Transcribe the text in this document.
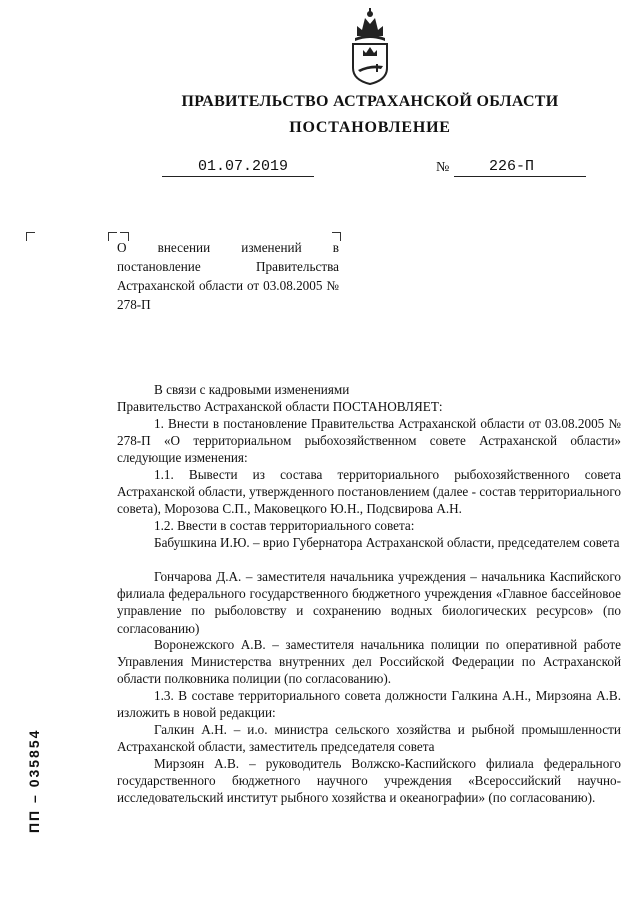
ПРАВИТЕЛЬСТВО АСТРАХАНСКОЙ ОБЛАСТИ
ПОСТАНОВЛЕНИЕ
01.07.2019	№	226-П
О внесении изменений в постановление Правительства Астраханской области от 03.08.2005 № 278-П
В связи с кадровыми изменениями
Правительство Астраханской области ПОСТАНОВЛЯЕТ:
1. Внести в постановление Правительства Астраханской области от 03.08.2005 № 278-П «О территориальном рыбохозяйственном совете Астраханской области» следующие изменения:
1.1. Вывести из состава территориального рыбохозяйственного совета Астраханской области, утвержденного постановлением (далее - состав территориального совета), Морозова С.П., Маковецкого Ю.Н., Подсвирова А.Н.
1.2. Ввести в состав территориального совета:
Бабушкина И.Ю. – врио Губернатора Астраханской области, председателем совета
Гончарова Д.А. – заместителя начальника учреждения – начальника Каспийского филиала федерального государственного бюджетного учреждения «Главное бассейновое управление по рыболовству и сохранению водных биологических ресурсов» (по согласованию)
Воронежского А.В. – заместителя начальника полиции по оперативной работе Управления Министерства внутренних дел Российской Федерации по Астраханской области полковника полиции (по согласованию).
1.3. В составе территориального совета должности Галкина А.Н., Мирзояна А.В. изложить в новой редакции:
Галкин А.Н. – и.о. министра сельского хозяйства и рыбной промышленности Астраханской области, заместитель председателя совета
Мирзоян А.В. – руководитель Волжско-Каспийского филиала федерального государственного бюджетного научного учреждения «Всероссийский научно-исследовательский институт рыбного хозяйства и океанографии» (по согласованию).
ПП – 035854
